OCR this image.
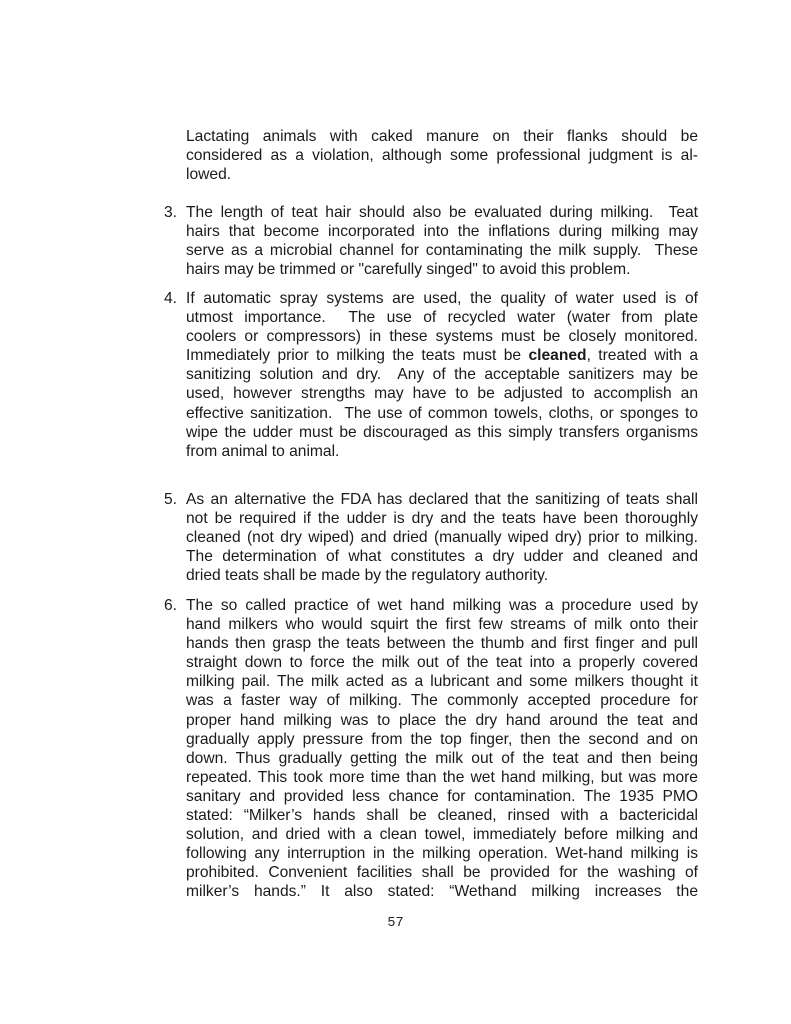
Lactating animals with caked manure on their flanks should be
considered as a violation, although some professional judgment is al-
lowed.
3. The length of teat hair should also be evaluated during milking.  Teat
hairs that become incorporated into the inflations during milking may
serve as a microbial channel for contaminating the milk supply.  These
hairs may be trimmed or "carefully singed" to avoid this problem.
4. If automatic spray systems are used, the quality of water used is of
utmost importance.  The use of recycled water (water from plate
coolers or compressors) in these systems must be closely monitored.
Immediately prior to milking the teats must be cleaned, treated with a
sanitizing solution and dry.  Any of the acceptable sanitizers may be
used, however strengths may have to be adjusted to accomplish an
effective sanitization.  The use of common towels, cloths, or sponges to
wipe the udder must be discouraged as this simply transfers organisms
from animal to animal.
5. As an alternative the FDA has declared that the sanitizing of teats shall
not be required if the udder is dry and the teats have been thoroughly
cleaned (not dry wiped) and dried (manually wiped dry) prior to milking.
The determination of what constitutes a dry udder and cleaned and
dried teats shall be made by the regulatory authority.
6. The so called practice of wet hand milking was a procedure used by
hand milkers who would squirt the first few streams of milk onto their
hands then grasp the teats between the thumb and first finger and pull
straight down to force the milk out of the teat into a properly covered
milking pail. The milk acted as a lubricant and some milkers thought it
was a faster way of milking. The commonly accepted procedure for
proper hand milking was to place the dry hand around the teat and
gradually apply pressure from the top finger, then the second and on
down. Thus gradually getting the milk out of the teat and then being
repeated. This took more time than the wet hand milking, but was more
sanitary and provided less chance for contamination. The 1935 PMO
stated: “Milker’s hands shall be cleaned, rinsed with a bactericidal
solution, and dried with a clean towel, immediately before milking and
following any interruption in the milking operation. Wet-hand milking is
prohibited. Convenient facilities shall be provided for the washing of
milker’s hands.” It also stated: “Wethand milking increases the
57
